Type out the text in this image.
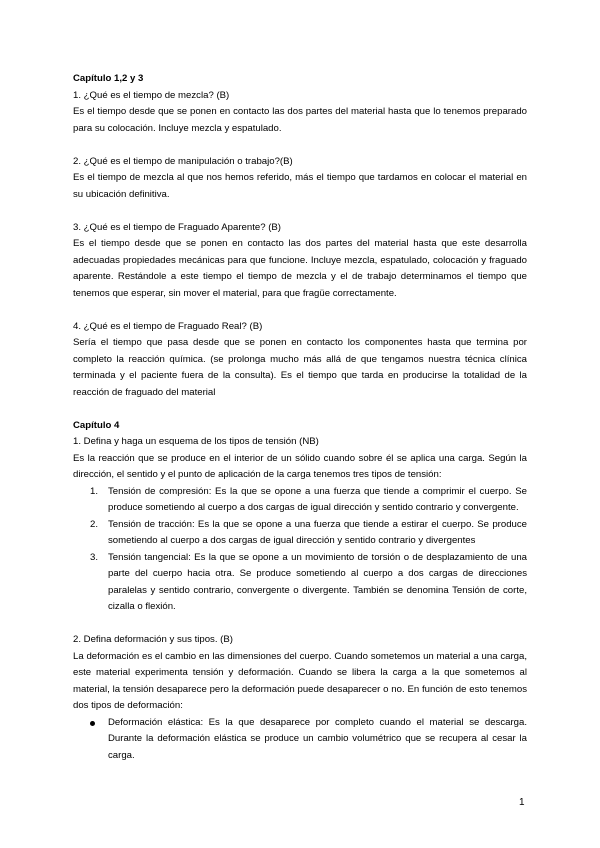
Capítulo 1,2 y 3

1. ¿Qué es el tiempo de mezcla? (B)

Es el tiempo desde que se ponen en contacto las dos partes del material hasta que lo tenemos preparado para su colocación. Incluye mezcla y espatulado.

2. ¿Qué es el tiempo de manipulación o trabajo?(B)

Es el tiempo de mezcla al que nos hemos referido, más el tiempo que tardamos en colocar el material en su ubicación definitiva.

3. ¿Qué es el tiempo de Fraguado Aparente? (B)

Es el tiempo desde que se ponen en contacto las dos partes del material hasta que este desarrolla adecuadas propiedades mecánicas para que funcione. Incluye mezcla, espatulado, colocación y fraguado aparente. Restándole a este tiempo el tiempo de mezcla y el de trabajo determinamos el tiempo que tenemos que esperar, sin mover el material, para que fragüe correctamente.

4. ¿Qué es el tiempo de Fraguado Real? (B)

Sería el tiempo que pasa desde que se ponen en contacto los componentes hasta que termina por completo la reacción química. (se prolonga mucho más allá de que tengamos nuestra técnica clínica terminada y el paciente fuera de la consulta). Es el tiempo que tarda en producirse la totalidad de la reacción de fraguado del material

Capítulo 4

1. Defina y haga un esquema de los tipos de tensión (NB)

Es la reacción que se produce en el interior de un sólido cuando sobre él se aplica una carga. Según la dirección, el sentido y el punto de aplicación de la carga tenemos tres tipos de tensión:

1. Tensión de compresión: Es la que se opone a una fuerza que tiende a comprimir el cuerpo. Se produce sometiendo al cuerpo a dos cargas de igual dirección y sentido contrario y convergente.
2. Tensión de tracción: Es la que se opone a una fuerza que tiende a estirar el cuerpo. Se produce sometiendo al cuerpo a dos cargas de igual dirección y sentido contrario y divergentes
3. Tensión tangencial: Es la que se opone a un movimiento de torsión o de desplazamiento de una parte del cuerpo hacia otra. Se produce sometiendo al cuerpo a dos cargas de direcciones paralelas y sentido contrario, convergente o divergente. También se denomina Tensión de corte, cizalla o flexión.

2. Defina deformación y sus tipos. (B)

La deformación es el cambio en las dimensiones del cuerpo. Cuando sometemos un material a una carga, este material experimenta tensión y deformación. Cuando se libera la carga a la que sometemos al material, la tensión desaparece pero la deformación puede desaparecer o no. En función de esto tenemos dos tipos de deformación:

Deformación elástica: Es la que desaparece por completo cuando el material se descarga. Durante la deformación elástica se produce un cambio volumétrico que se recupera al cesar la carga.
1
